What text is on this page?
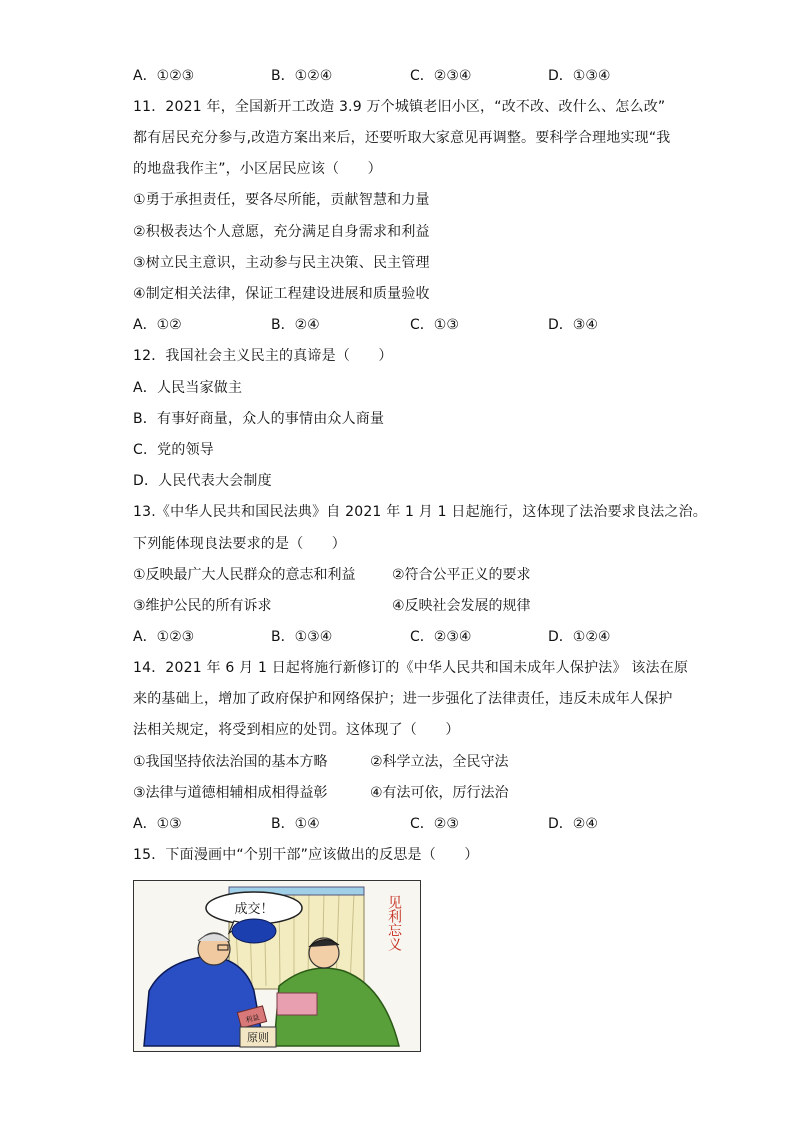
A．①②③	B．①②④	C．②③④	D．①③④
11．2021 年，全国新开工改造 3.9 万个城镇老旧小区，“改不改、改什么、怎么改”
都有居民充分参与,改造方案出来后，还要听取大家意见再调整。要科学合理地实现“我
的地盘我作主”，小区居民应该（　　）
①勇于承担责任，要各尽所能，贡献智慧和力量
②积极表达个人意愿，充分满足自身需求和利益
③树立民主意识，主动参与民主决策、民主管理
④制定相关法律，保证工程建设进展和质量验收
A．①②	B．②④	C．①③	D．③④
12．我国社会主义民主的真谛是（　　）
A．人民当家做主
B．有事好商量，众人的事情由众人商量
C．党的领导
D．人民代表大会制度
13.《中华人民共和国民法典》自 2021 年 1 月 1 日起施行，这体现了法治要求良法之治。
下列能体现良法要求的是（　　）
①反映最广大人民群众的意志和利益	②符合公平正义的要求
③维护公民的所有诉求	④反映社会发展的规律
A．①②③	B．①③④	C．②③④	D．①②④
14．2021 年 6 月 1 日起将施行新修订的《中华人民共和国未成年人保护法》 该法在原
来的基础上，增加了政府保护和网络保护；进一步强化了法律责任，违反未成年人保护
法相关规定，将受到相应的处罚。这体现了（　　）
①我国坚持依法治国的基本方略	②科学立法，全民守法
③法律与道德相辅相成相得益彰	④有法可依，厉行法治
A．①③	B．①④	C．②③	D．②④
15．下面漫画中“个别干部”应该做出的反思是（　　）
成交！
利益
原则
见利忘义
